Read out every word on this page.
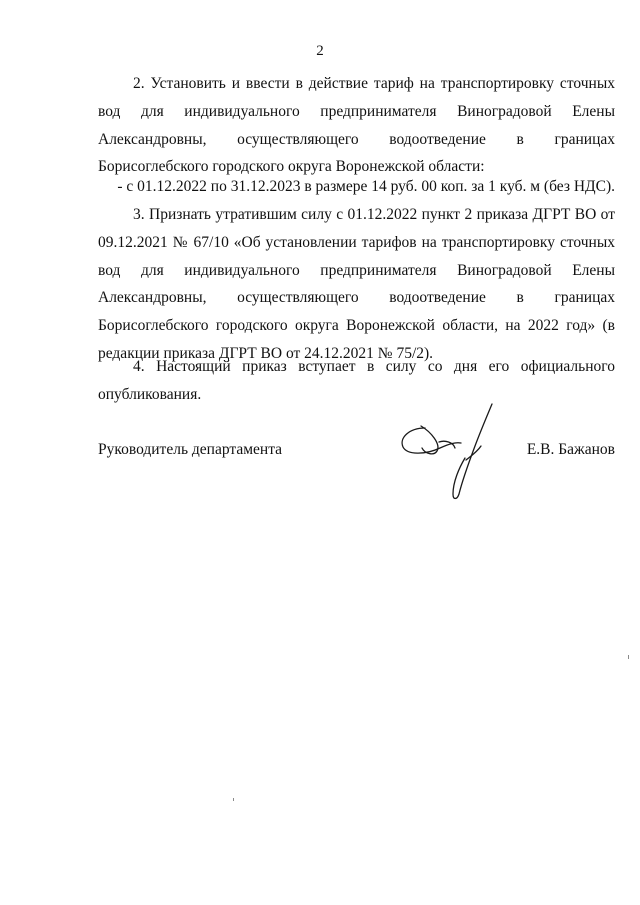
2

2. Установить и ввести в действие тариф на транспортировку сточных вод для индивидуального предпринимателя Виноградовой Елены Александровны, осуществляющего водоотведение в границах Борисоглебского городского округа Воронежской области:

- с 01.12.2022 по 31.12.2023 в размере 14 руб. 00 коп. за 1 куб. м (без НДС).

3. Признать утратившим силу с 01.12.2022 пункт 2 приказа ДГРТ ВО от 09.12.2021 № 67/10 «Об установлении тарифов на транспортировку сточных вод для индивидуального предпринимателя Виноградовой Елены Александровны, осуществляющего водоотведение в границах Борисоглебского городского округа Воронежской области, на 2022 год» (в редакции приказа ДГРТ ВО от 24.12.2021 № 75/2).

4. Настоящий приказ вступает в силу со дня его официального опубликования.

Руководитель департамента	Е.В. Бажанов
